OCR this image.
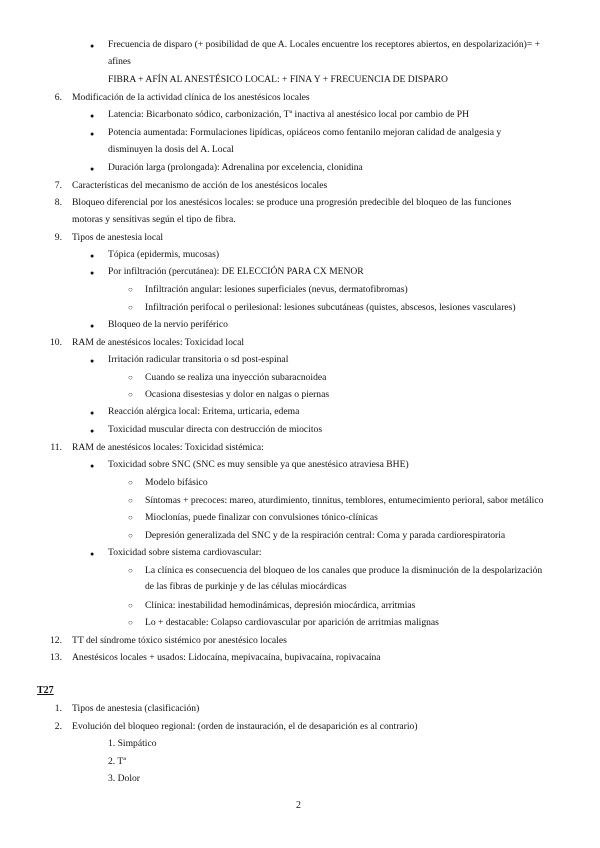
● Frecuencia de disparo (+ posibilidad de que A. Locales encuentre los receptores abiertos, en despolarización)= +
afines
FIBRA + AFÍN AL ANESTÉSICO LOCAL: + FINA Y + FRECUENCIA DE DISPARO
6. Modificación de la actividad clínica de los anestésicos locales
● Latencia: Bicarbonato sódico, carbonización, Tª inactiva al anestésico local por cambio de PH
● Potencia aumentada: Formulaciones lipídicas, opiáceos como fentanilo mejoran calidad de analgesia y
disminuyen la dosis del A. Local
● Duración larga (prolongada): Adrenalina por excelencia, clonidina
7. Características del mecanismo de acción de los anestésicos locales
8. Bloqueo diferencial por los anestésicos locales: se produce una progresión predecible del bloqueo de las funciones
motoras y sensitivas según el tipo de fibra.
9. Tipos de anestesia local
● Tópica (epidermis, mucosas)
● Por infiltración (percutánea): DE ELECCIÓN PARA CX MENOR
○ Infiltración angular: lesiones superficiales (nevus, dermatofibromas)
○ Infiltración perifocal o perilesional: lesiones subcutáneas (quistes, abscesos, lesiones vasculares)
● Bloqueo de la nervio periférico
10. RAM de anestésicos locales: Toxicidad local
● Irritación radicular transitoria o sd post-espinal
○ Cuando se realiza una inyección subaracnoidea
○ Ocasiona disestesias y dolor en nalgas o piernas
● Reacción alérgica local: Eritema, urticaria, edema
● Toxicidad muscular directa con destrucción de miocitos
11. RAM de anestésicos locales: Toxicidad sistémica:
● Toxicidad sobre SNC (SNC es muy sensible ya que anestésico atraviesa BHE)
○ Modelo bifásico
○ Síntomas + precoces: mareo, aturdimiento, tinnitus, temblores, entumecimiento perioral, sabor metálico
○ Mioclonías, puede finalizar con convulsiones tónico-clínicas
○ Depresión generalizada del SNC y de la respiración central: Coma y parada cardiorespiratoria
● Toxicidad sobre sistema cardiovascular:
○ La clínica es consecuencia del bloqueo de los canales que produce la disminución de la despolarización
de las fibras de purkinje y de las células miocárdicas
○ Clínica: inestabilidad hemodinámicas, depresión miocárdica, arritmias
○ Lo + destacable: Colapso cardiovascular por aparición de arritmias malignas
12. TT del síndrome tóxico sistémico por anestésico locales
13. Anestésicos locales + usados: Lidocaína, mepivacaína, bupivacaína, ropivacaína
T27
1. Tipos de anestesia (clasificación)
2. Evolución del bloqueo regional: (orden de instauración, el de desaparición es al contrario)
1. Simpático
2. Tª
3. Dolor
2
